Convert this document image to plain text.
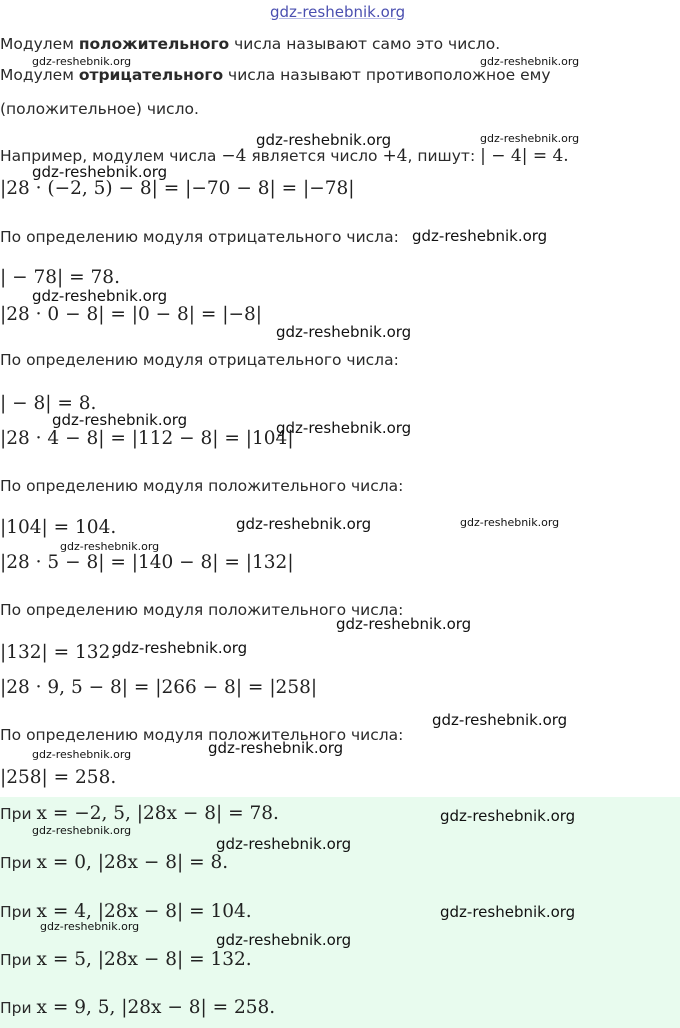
gdz-reshebnik.org
Модулем положительного числа называют само это число.
Модулем отрицательного числа называют противоположное ему
(положительное) число.
Например, модулем числа −4 является число +4, пишут: | − 4| = 4.
|28 · (−2, 5) − 8| = |−70 − 8| = |−78|
По определению модуля отрицательного числа:
| − 78| = 78.
|28 · 0 − 8| = |0 − 8| = |−8|
По определению модуля отрицательного числа:
| − 8| = 8.
|28 · 4 − 8| = |112 − 8| = |104|
По определению модуля положительного числа:
|104| = 104.
|28 · 5 − 8| = |140 − 8| = |132|
По определению модуля положительного числа:
|132| = 132.
|28 · 9, 5 − 8| = |266 − 8| = |258|
По определению модуля положительного числа:
|258| = 258.
При x = −2, 5, |28x − 8| = 78.
При x = 0, |28x − 8| = 8.
При x = 4, |28x − 8| = 104.
При x = 5, |28x − 8| = 132.
При x = 9, 5, |28x − 8| = 258.
gdz-reshebnik.org	gdz-reshebnik.org
gdz-reshebnik.org	gdz-reshebnik.org
gdz-reshebnik.org
gdz-reshebnik.org
gdz-reshebnik.org
gdz-reshebnik.org
gdz-reshebnik.org	gdz-reshebnik.org
gdz-reshebnik.org	gdz-reshebnik.org
gdz-reshebnik.org
gdz-reshebnik.org
gdz-reshebnik.org
gdz-reshebnik.org
gdz-reshebnik.org
gdz-reshebnik.org
gdz-reshebnik.org
gdz-reshebnik.org
gdz-reshebnik.org
gdz-reshebnik.org
gdz-reshebnik.org
gdz-reshebnik.org
